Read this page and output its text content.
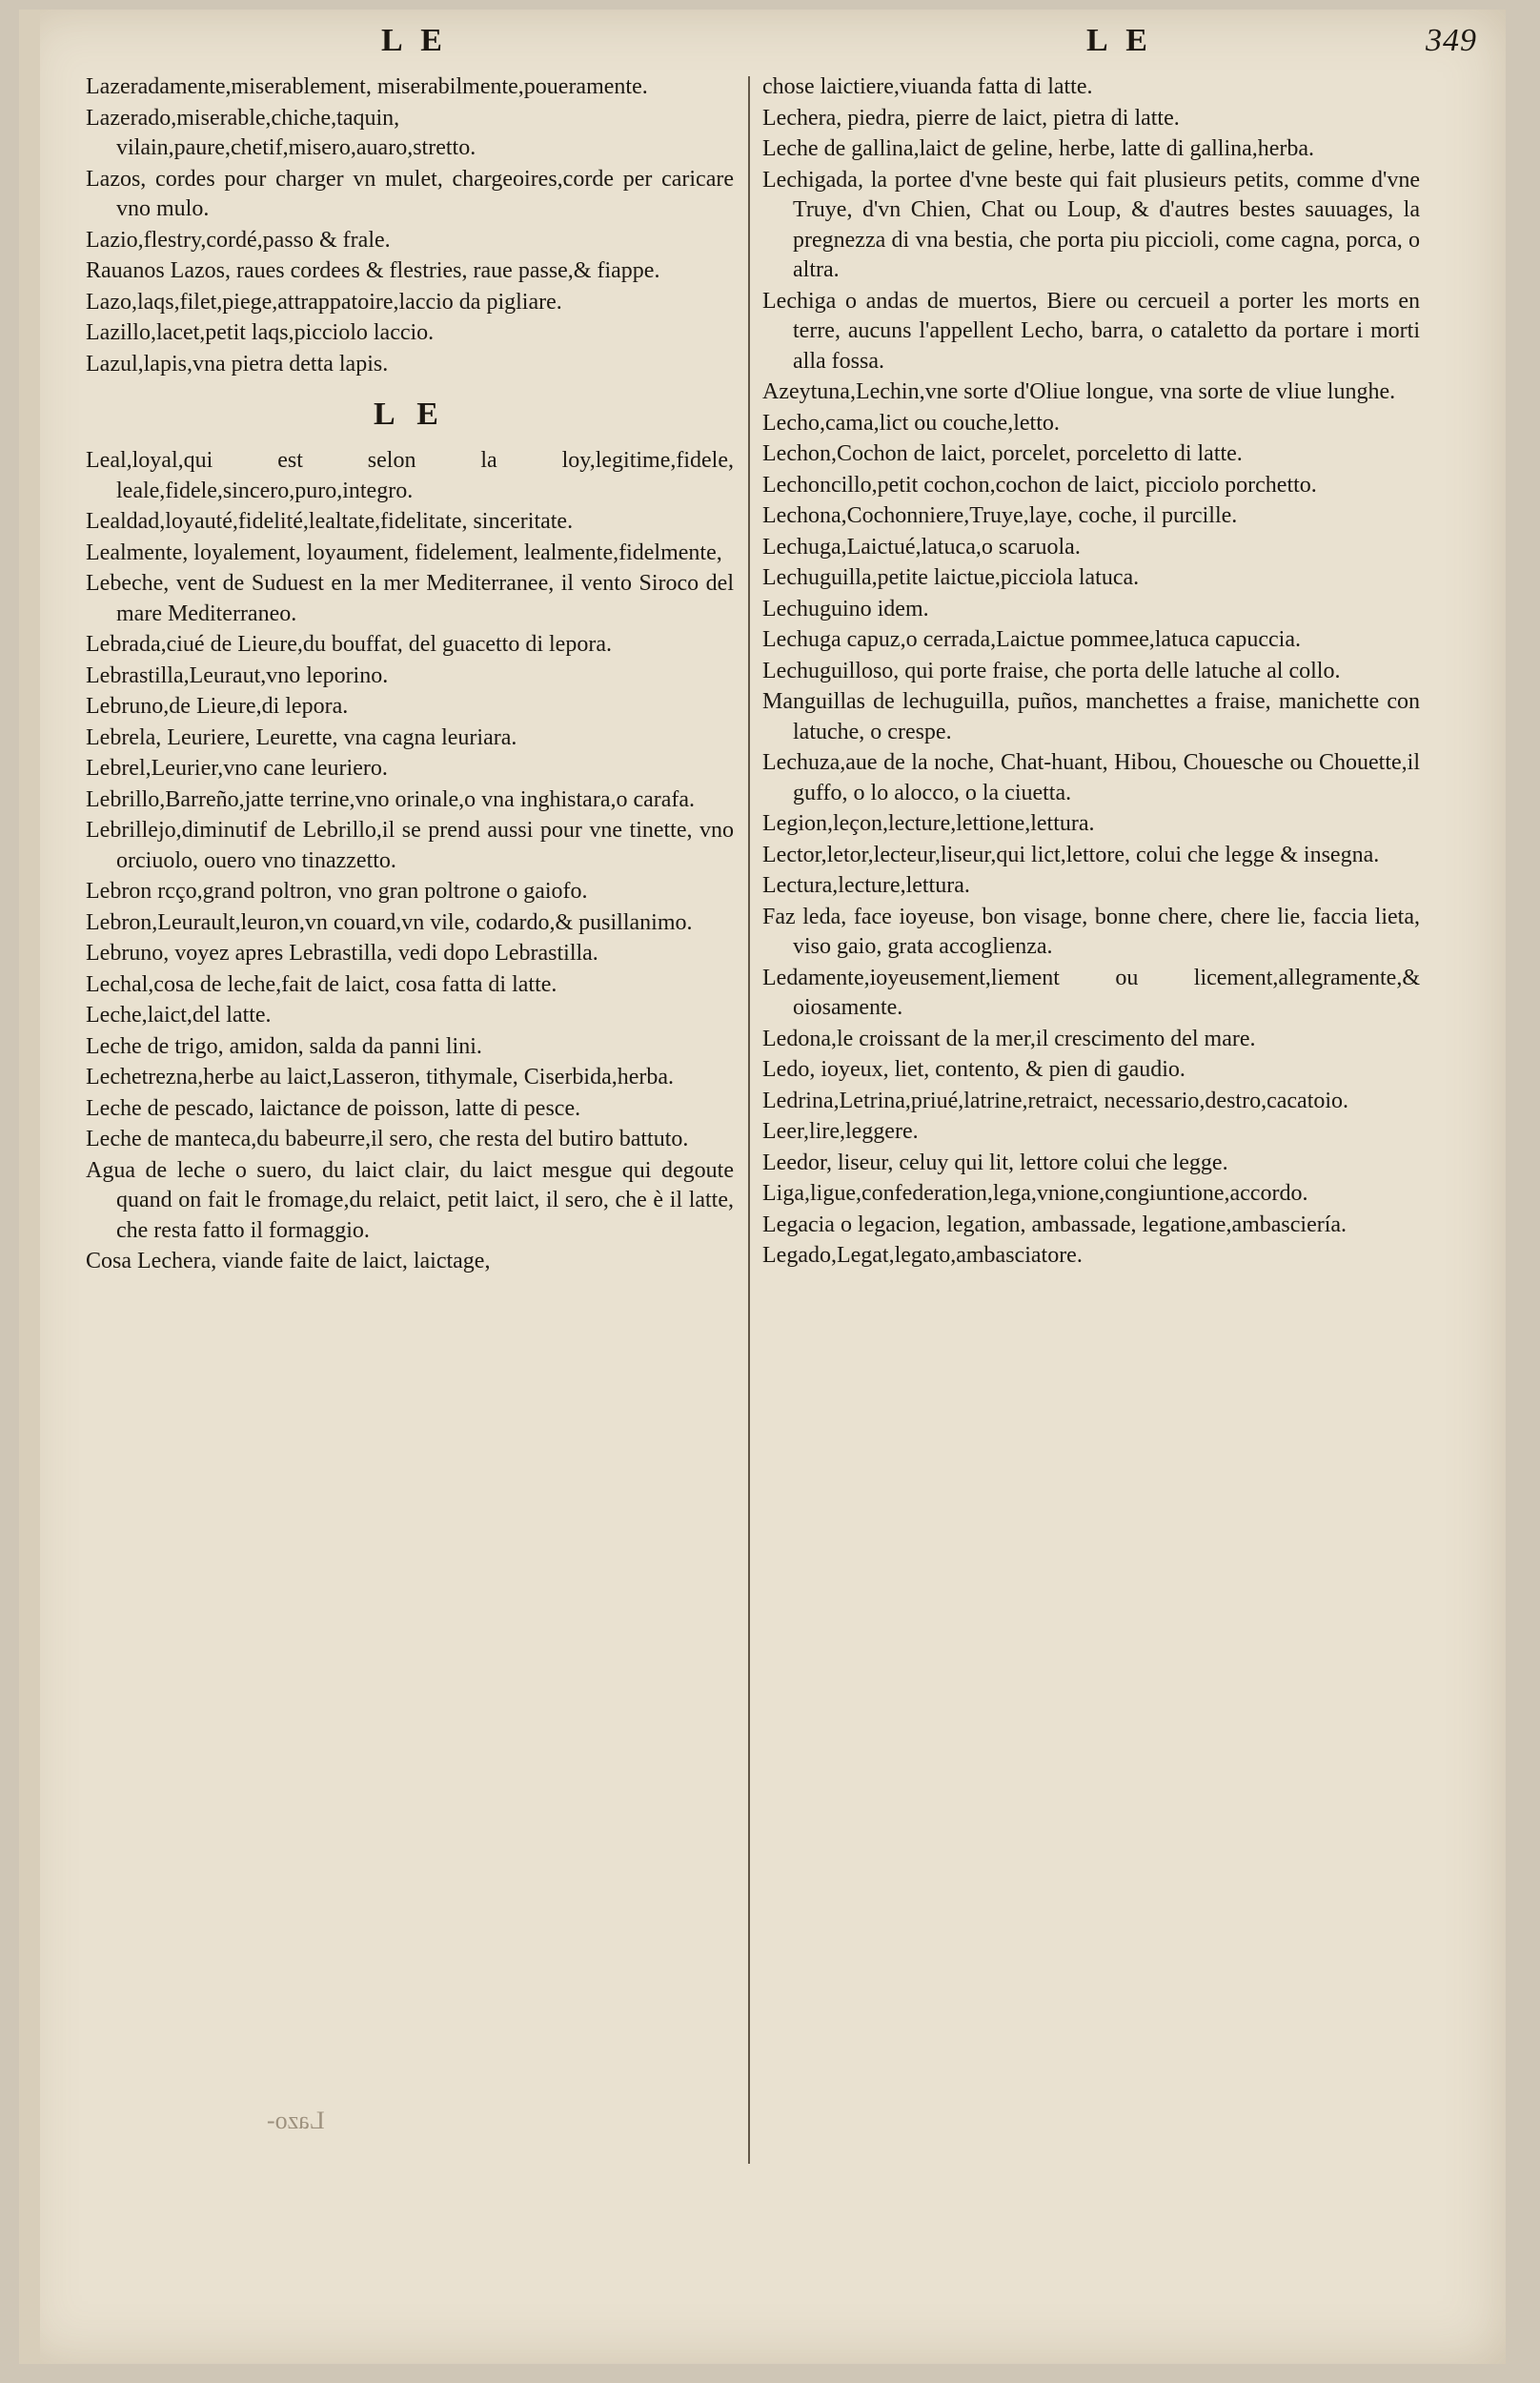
L E	L E	349

Lazeradamente,miserablement, miserabilmente,poueramente.

Lazerado,miserable,chiche,taquin, vilain,paure,chetif,misero,auaro,stretto.

Lazos, cordes pour charger vn mulet, chargeoires,corde per caricare vno mulo.

Lazio,flestry,cordé,passo & frale.

Rauanos Lazos, raues cordees & flestries, raue passe,& fiappe.

Lazo,laqs,filet,piege,attrappatoire,laccio da pigliare.

Lazillo,lacet,petit laqs,picciolo laccio.

Lazul,lapis,vna pietra detta lapis.

L E

Leal,loyal,qui est selon la loy,legitime,fidele, leale,fidele,sincero,puro,integro.

Lealdad,loyauté,fidelité,lealtate,fidelitate, sinceritate.

Lealmente, loyalement, loyaument, fidelement, lealmente,fidelmente,

Lebeche, vent de Suduest en la mer Mediterranee, il vento Siroco del mare Mediterraneo.

Lebrada,ciué de Lieure,du bouffat, del guacetto di lepora.

Lebrastilla,Leuraut,vno leporino.

Lebruno,de Lieure,di lepora.

Lebrela, Leuriere, Leurette, vna cagna leuriara.

Lebrel,Leurier,vno cane leuriero.

Lebrillo,Barreño,jatte terrine,vno orinale,o vna inghistara,o carafa.

Lebrillejo,diminutif de Lebrillo,il se prend aussi pour vne tinette, vno orciuolo, ouero vno tinazzetto.

Lebron rcço,grand poltron, vno gran poltrone o gaiofo.

Lebron,Leurault,leuron,vn couard,vn vile, codardo,& pusillanimo.

Lebruno, voyez apres Lebrastilla, vedi dopo Lebrastilla.

Lechal,cosa de leche,fait de laict, cosa fatta di latte.

Leche,laict,del latte.

Leche de trigo, amidon, salda da panni lini.

Lechetrezna,herbe au laict,Lasseron, tithymale, Ciserbida,herba.

Leche de pescado, laictance de poisson, latte di pesce.

Leche de manteca,du babeurre,il sero, che resta del butiro battuto.

Agua de leche o suero, du laict clair, du laict mesgue qui degoute quand on fait le fromage,du relaict, petit laict, il sero, che è il latte, che resta fatto il formaggio.

Cosa Lechera, viande faite de laict, laictage,

chose laictiere,viuanda fatta di latte.

Lechera, piedra, pierre de laict, pietra di latte.

Leche de gallina,laict de geline, herbe, latte di gallina,herba.

Lechigada, la portee d'vne beste qui fait plusieurs petits, comme d'vne Truye, d'vn Chien, Chat ou Loup, & d'autres bestes sauuages, la pregnezza di vna bestia, che porta piu piccioli, come cagna, porca, o altra.

Lechiga o andas de muertos, Biere ou cercueil a porter les morts en terre, aucuns l'appellent Lecho, barra, o cataletto da portare i morti alla fossa.

Azeytuna,Lechin,vne sorte d'Oliue longue, vna sorte de vliue lunghe.

Lecho,cama,lict ou couche,letto.

Lechon,Cochon de laict, porcelet, porceletto di latte.

Lechoncillo,petit cochon,cochon de laict, picciolo porchetto.

Lechona,Cochonniere,Truye,laye, coche, il purcille.

Lechuga,Laictué,latuca,o scaruola.

Lechuguilla,petite laictue,picciola latuca.

Lechuguino idem.

Lechuga capuz,o cerrada,Laictue pommee,latuca capuccia.

Lechuguilloso, qui porte fraise, che porta delle latuche al collo.

Manguillas de lechuguilla, puños, manchettes a fraise, manichette con latuche, o crespe.

Lechuza,aue de la noche, Chat-huant, Hibou, Chouesche ou Chouette,il guffo, o lo alocco, o la ciuetta.

Legion,leçon,lecture,lettione,lettura.

Lector,letor,lecteur,liseur,qui lict,lettore, colui che legge & insegna.

Lectura,lecture,lettura.

Faz leda, face ioyeuse, bon visage, bonne chere, chere lie, faccia lieta, viso gaio, grata accoglienza.

Ledamente,ioyeusement,liement ou licement,allegramente,& oiosamente.

Ledona,le croissant de la mer,il crescimento del mare.

Ledo, ioyeux, liet, contento, & pien di gaudio.

Ledrina,Letrina,priué,latrine,retraict, necessario,destro,cacatoio.

Leer,lire,leggere.

Leedor, liseur, celuy qui lit, lettore colui che legge.

Liga,ligue,confederation,lega,vnione,congiuntione,accordo.

Legacia o legacion, legation, ambassade, legatione,ambasciería.

Legado,Legat,legato,ambasciatore.

Lazo-
